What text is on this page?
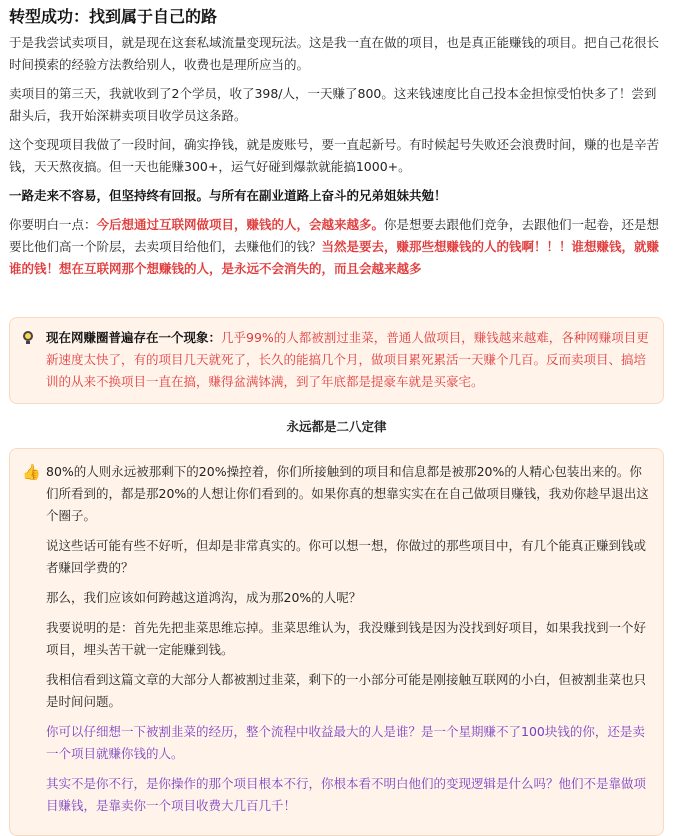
转型成功：找到属于自己的路

于是我尝试卖项目，就是现在这套私域流量变现玩法。这是我一直在做的项目，也是真正能赚钱的项目。把自己花很长时间摸索的经验方法教给别人，收费也是理所应当的。

卖项目的第三天，我就收到了2个学员，收了398/人，一天赚了800。这来钱速度比自己投本金担惊受怕快多了！尝到甜头后，我开始深耕卖项目收学员这条路。

这个变现项目我做了一段时间，确实挣钱，就是废账号，要一直起新号。有时候起号失败还会浪费时间，赚的也是辛苦钱，天天熬夜搞。但一天也能赚300+，运气好碰到爆款就能搞1000+。

一路走来不容易，但坚持终有回报。与所有在副业道路上奋斗的兄弟姐妹共勉！

你要明白一点：今后想通过互联网做项目，赚钱的人，会越来越多。你是想要去跟他们竞争，去跟他们一起卷，还是想要比他们高一个阶层，去卖项目给他们，去赚他们的钱？当然是要去，赚那些想赚钱的人的钱啊！！！谁想赚钱，就赚谁的钱！想在互联网那个想赚钱的人，是永远不会消失的，而且会越来越多

现在网赚圈普遍存在一个现象：几乎99%的人都被割过韭菜，普通人做项目，赚钱越来越难，各种网赚项目更新速度太快了，有的项目几天就死了，长久的能搞几个月，做项目累死累活一天赚个几百。反而卖项目、搞培训的从来不换项目一直在搞，赚得盆满钵满，到了年底都是提豪车就是买豪宅。
永远都是二八定律
👍 80%的人则永远被那剩下的20%操控着，你们所接触到的项目和信息都是被那20%的人精心包装出来的。你们所看到的，都是那20%的人想让你们看到的。如果你真的想靠实实在在自己做项目赚钱，我劝你趁早退出这个圈子。

说这些话可能有些不好听，但却是非常真实的。你可以想一想，你做过的那些项目中，有几个能真正赚到钱或者赚回学费的？

那么，我们应该如何跨越这道鸿沟，成为那20%的人呢？

我要说明的是：首先先把韭菜思维忘掉。韭菜思维认为，我没赚到钱是因为没找到好项目，如果我找到一个好项目，埋头苦干就一定能赚到钱。

我相信看到这篇文章的大部分人都被割过韭菜，剩下的一小部分可能是刚接触互联网的小白，但被割韭菜也只是时间问题。

你可以仔细想一下被割韭菜的经历，整个流程中收益最大的人是谁？是一个星期赚不了100块钱的你，还是卖一个项目就赚你钱的人。

其实不是你不行，是你操作的那个项目根本不行，你根本看不明白他们的变现逻辑是什么吗？他们不是靠做项目赚钱，是靠卖你一个项目收费大几百几千！
